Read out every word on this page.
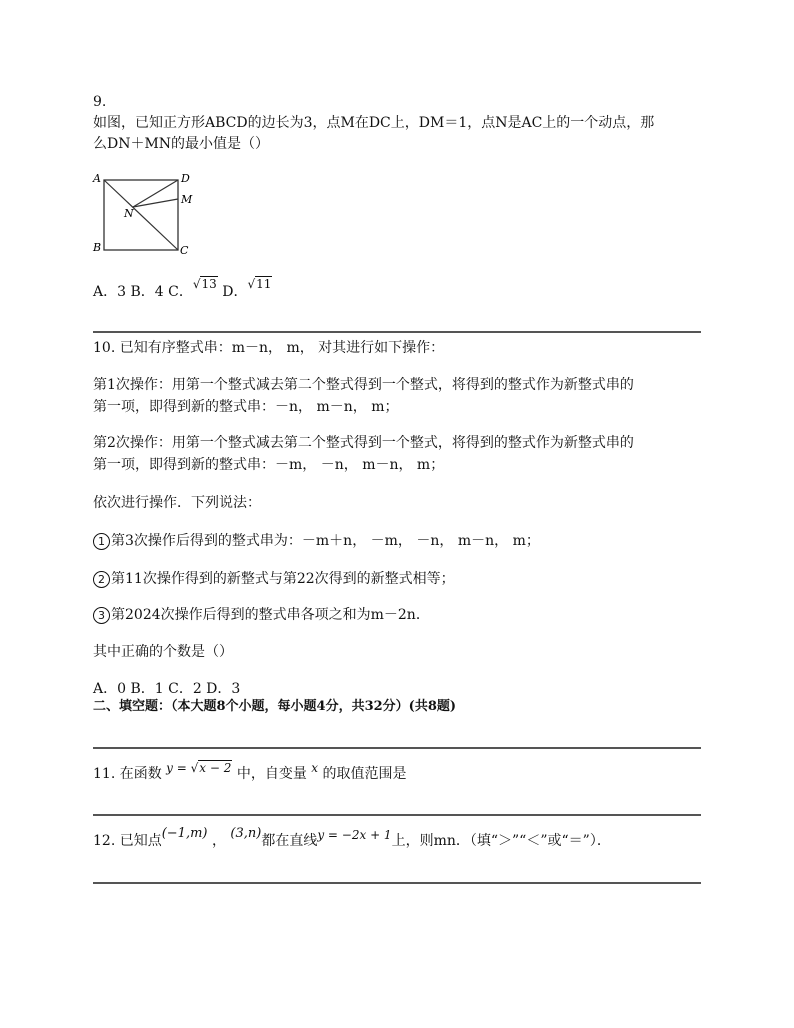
9.
如图，已知正方形ABCD的边长为3，点M在DC上，DM＝1，点N是AC上的一个动点，那
么DN＋MN的最小值是（）
A	D
M
N
B	C
A．3 B．4 C．√13 D．√11
10. 已知有序整式串：m－n， m， 对其进行如下操作：
第1次操作：用第一个整式减去第二个整式得到一个整式，将得到的整式作为新整式串的
第一项，即得到新的整式串：－n， m－n， m；
第2次操作：用第一个整式减去第二个整式得到一个整式，将得到的整式作为新整式串的
第一项，即得到新的整式串：－m， －n， m－n， m；
依次进行操作．下列说法：
1 第3次操作后得到的整式串为：－m＋n， －m， －n， m－n， m；
2 第11次操作得到的新整式与第22次得到的新整式相等；
3 第2024次操作后得到的整式串各项之和为m－2n．
其中正确的个数是（）
A．0 B．1 C．2 D．3
二、填空题：（本大题8个小题，每小题4分，共32分）(共8题)
11. 在函数 y = √x − 2 中，自变量 x 的取值范围是
12. 已知点(−1,m) ， (3,n)都在直线y = −2x + 1上，则mn．（填“＞”“＜”或“＝”）．
